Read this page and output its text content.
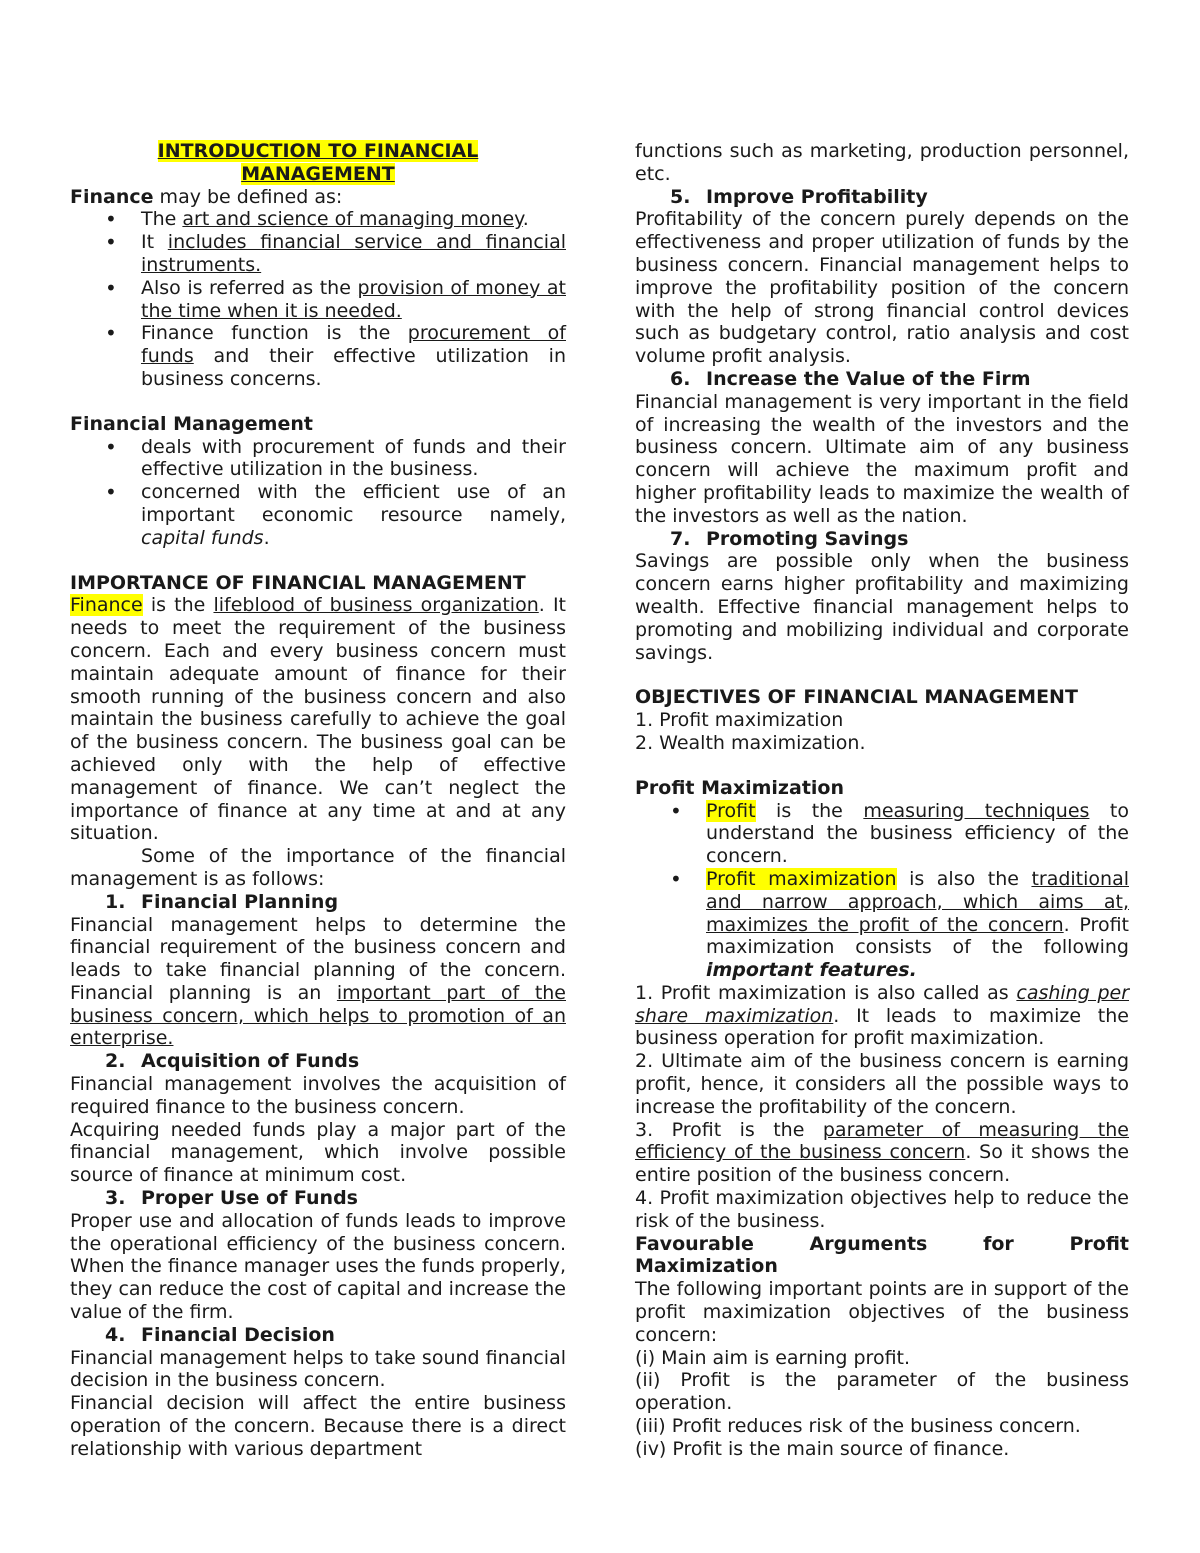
INTRODUCTION TO FINANCIAL
MANAGEMENT

Finance may be defined as:

• The art and science of managing money.
• It includes financial service and financial instruments.
• Also is referred as the provision of money at the time when it is needed.
• Finance function is the procurement of funds and their effective utilization in business concerns.

Financial Management

• deals with procurement of funds and their effective utilization in the business.
• concerned with the efficient use of an important economic resource namely, capital funds.

IMPORTANCE OF FINANCIAL MANAGEMENT

Finance is the lifeblood of business organization. It needs to meet the requirement of the business concern. Each and every business concern must maintain adequate amount of finance for their smooth running of the business concern and also maintain the business carefully to achieve the goal of the business concern. The business goal can be achieved only with the help of effective management of finance. We can’t neglect the importance of finance at any time at and at any situation.

Some of the importance of the financial management is as follows:

1. Financial Planning

Financial management helps to determine the financial requirement of the business concern and leads to take financial planning of the concern. Financial planning is an important part of the business concern, which helps to promotion of an enterprise.

2. Acquisition of Funds

Financial management involves the acquisition of required finance to the business concern.

Acquiring needed funds play a major part of the financial management, which involve possible source of finance at minimum cost.

3. Proper Use of Funds

Proper use and allocation of funds leads to improve the operational efficiency of the business concern. When the finance manager uses the funds properly, they can reduce the cost of capital and increase the value of the firm.

4. Financial Decision

Financial management helps to take sound financial decision in the business concern.

Financial decision will affect the entire business operation of the concern. Because there is a direct relationship with various department

functions such as marketing, production personnel, etc.

5. Improve Profitability

Profitability of the concern purely depends on the effectiveness and proper utilization of funds by the business concern. Financial management helps to improve the profitability position of the concern with the help of strong financial control devices such as budgetary control, ratio analysis and cost volume profit analysis.

6. Increase the Value of the Firm

Financial management is very important in the field of increasing the wealth of the investors and the business concern. Ultimate aim of any business concern will achieve the maximum profit and higher profitability leads to maximize the wealth of the investors as well as the nation.

7. Promoting Savings

Savings are possible only when the business concern earns higher profitability and maximizing wealth. Effective financial management helps to promoting and mobilizing individual and corporate savings.

OBJECTIVES OF FINANCIAL MANAGEMENT

1. Profit maximization

2. Wealth maximization.

Profit Maximization

• Profit is the measuring techniques to understand the business efficiency of the concern.
• Profit maximization is also the traditional and narrow approach, which aims at, maximizes the profit of the concern. Profit maximization consists of the following important features.

1. Profit maximization is also called as cashing per share maximization. It leads to maximize the business operation for profit maximization.

2. Ultimate aim of the business concern is earning profit, hence, it considers all the possible ways to increase the profitability of the concern.

3. Profit is the parameter of measuring the efficiency of the business concern. So it shows the entire position of the business concern.

4. Profit maximization objectives help to reduce the risk of the business.

Favourable Arguments for Profit Maximization

The following important points are in support of the profit maximization objectives of the business concern:

(i) Main aim is earning profit.

(ii) Profit is the parameter of the business operation.

(iii) Profit reduces risk of the business concern.

(iv) Profit is the main source of finance.
